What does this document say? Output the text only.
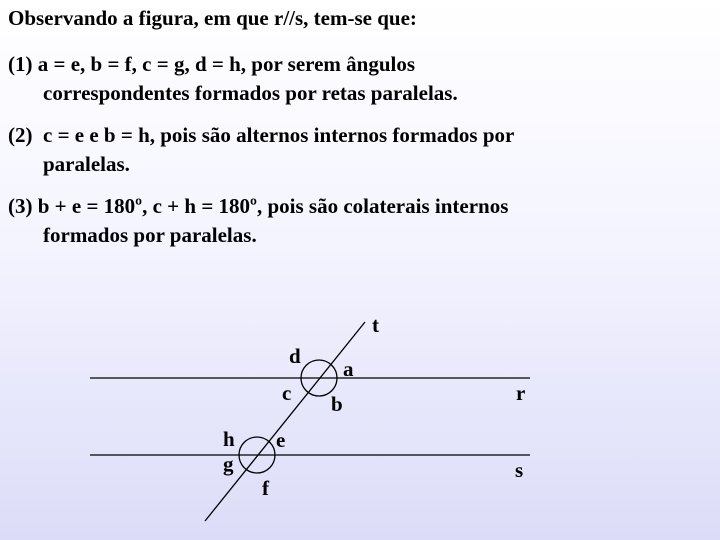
Observando a figura, em que r//s, tem-se que:
(1) a = e, b = f, c = g, d = h, por serem ângulos
correspondentes formados por retas paralelas.
(2)  c = e e b = h, pois são alternos internos formados por
paralelas.
(3) b + e = 180º, c + h = 180º, pois são colaterais internos
formados por paralelas.
t
r
s
d
a
c b
h e
g
f
